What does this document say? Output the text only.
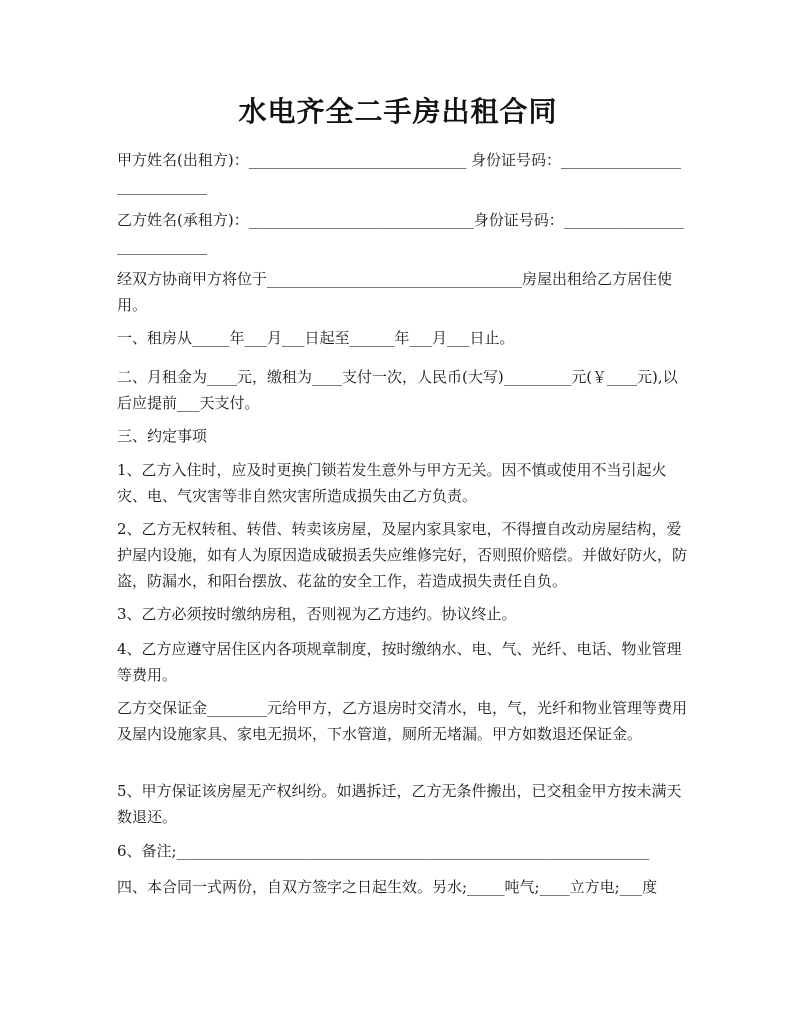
水电齐全二手房出租合同
甲方姓名(出租方)：_____________________________ 身份证号码：____________________________
乙方姓名(承租方)：______________________________身份证号码：____________________________
经双方协商甲方将位于__________________________________房屋出租给乙方居住使用。
一、租房从_____年___月___日起至______年___月___日止。
二、月租金为____元，缴租为____支付一次，人民币(大写)_________元(￥____元),以后应提前___天支付。
三、约定事项
1、乙方入住时，应及时更换门锁若发生意外与甲方无关。因不慎或使用不当引起火灾、电、气灾害等非自然灾害所造成损失由乙方负责。
2、乙方无权转租、转借、转卖该房屋，及屋内家具家电，不得擅自改动房屋结构，爱护屋内设施，如有人为原因造成破损丢失应维修完好，否则照价赔偿。并做好防火，防盗，防漏水，和阳台摆放、花盆的安全工作，若造成损失责任自负。
3、乙方必须按时缴纳房租，否则视为乙方违约。协议终止。
4、乙方应遵守居住区内各项规章制度，按时缴纳水、电、气、光纤、电话、物业管理等费用。
乙方交保证金________元给甲方，乙方退房时交清水，电，气，光纤和物业管理等费用及屋内设施家具、家电无损坏，下水管道，厕所无堵漏。甲方如数退还保证金。
5、甲方保证该房屋无产权纠纷。如遇拆迁，乙方无条件搬出，已交租金甲方按未满天数退还。
6、备注;_______________________________________________________________
四、本合同一式两份，自双方签字之日起生效。另水;_____吨气;____立方电;___度
